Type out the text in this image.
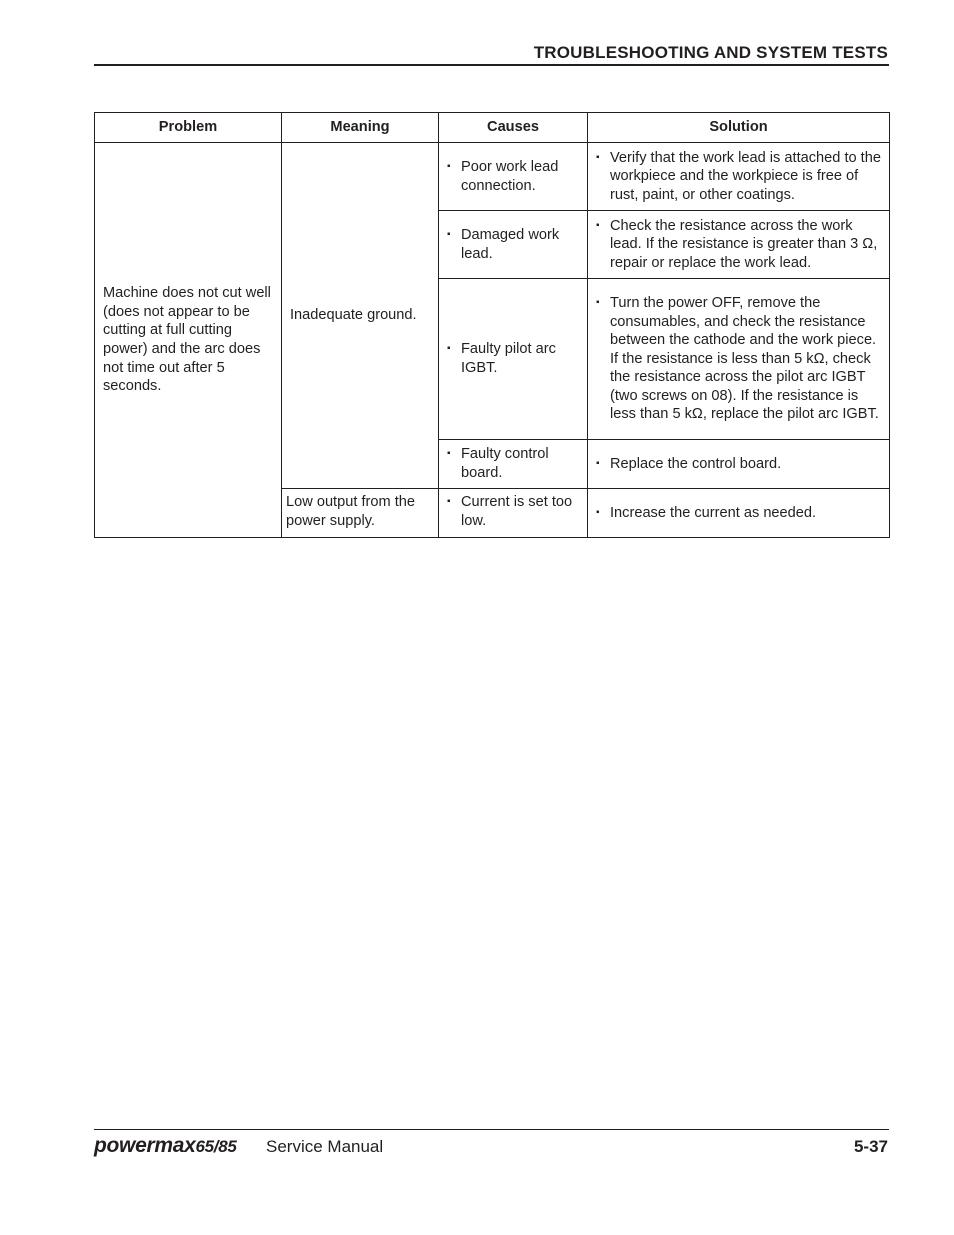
TROUBLESHOOTING AND SYSTEM TESTS
Problem	Meaning	Causes	Solution
Machine does not cut well (does not appear to be cutting at full cutting power) and the arc does not time out after 5 seconds.	Inadequate ground.	▪ Poor work lead connection.	▪ Verify that the work lead is attached to the workpiece and the workpiece is free of rust, paint, or other coatings.

		▪ Damaged work lead.	▪ Check the resistance across the work lead. If the resistance is greater than 3 Ω, repair or replace the work lead.

		▪ Faulty pilot arc IGBT.	▪ Turn the power OFF, remove the consumables, and check the resistance between the cathode and the work piece. If the resistance is less than 5 kΩ, check the resistance across the pilot arc IGBT (two screws on 08). If the resistance is less than 5 kΩ, replace the pilot arc IGBT.

		▪ Faulty control board.	▪ Replace the control board.

	Low output from the power supply.	▪ Current is set too low.	▪ Increase the current as needed.
powermax65/85 Service Manual	5-37
